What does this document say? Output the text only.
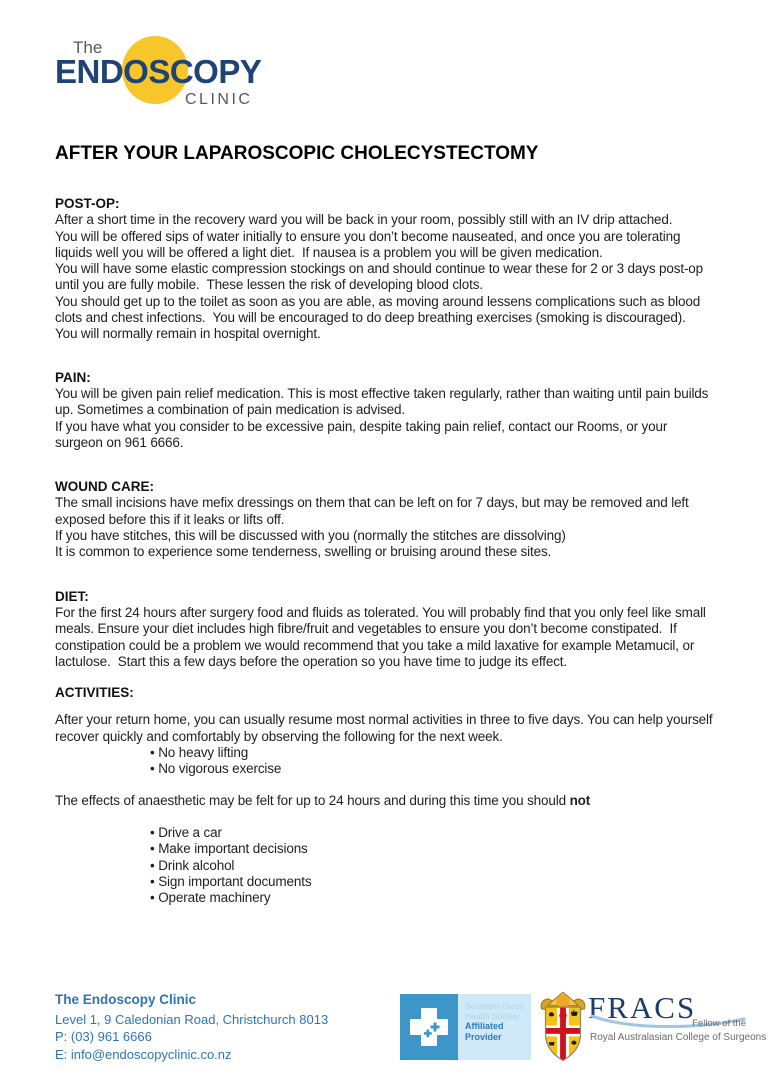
The
ENDOSCOPY
CLINIC
AFTER YOUR LAPAROSCOPIC CHOLECYSTECTOMY
POST-OP:

After a short time in the recovery ward you will be back in your room, possibly still with an IV drip attached.

You will be offered sips of water initially to ensure you don’t become nauseated, and once you are tolerating liquids well you will be offered a light diet.  If nausea is a problem you will be given medication.

You will have some elastic compression stockings on and should continue to wear these for 2 or 3 days post-op until you are fully mobile.  These lessen the risk of developing blood clots.

You should get up to the toilet as soon as you are able, as moving around lessens complications such as blood clots and chest infections.  You will be encouraged to do deep breathing exercises (smoking is discouraged).

You will normally remain in hospital overnight.

PAIN:

You will be given pain relief medication. This is most effective taken regularly, rather than waiting until pain builds up. Sometimes a combination of pain medication is advised.

If you have what you consider to be excessive pain, despite taking pain relief, contact our Rooms, or your surgeon on 961 6666.

WOUND CARE:

The small incisions have mefix dressings on them that can be left on for 7 days, but may be removed and left exposed before this if it leaks or lifts off.

If you have stitches, this will be discussed with you (normally the stitches are dissolving)

It is common to experience some tenderness, swelling or bruising around these sites.

DIET:

For the first 24 hours after surgery food and fluids as tolerated. You will probably find that you only feel like small meals. Ensure your diet includes high fibre/fruit and vegetables to ensure you don’t become constipated.  If constipation could be a problem we would recommend that you take a mild laxative for example Metamucil, or lactulose.  Start this a few days before the operation so you have time to judge its effect.

ACTIVITIES:

After your return home, you can usually resume most normal activities in three to five days. You can help yourself recover quickly and comfortably by observing the following for the next week.

• No heavy lifting
• No vigorous exercise

The effects of anaesthetic may be felt for up to 24 hours and during this time you should not

• Drive a car
• Make important decisions
• Drink alcohol
• Sign important documents
• Operate machinery
The Endoscopy Clinic
Level 1, 9 Caledonian Road, Christchurch 8013
P: (03) 961 6666
E: info@endoscopyclinic.co.nz
Southern Cross
Health Society
Affiliated
Provider
FRACS
Fellow of the
Royal Australasian College of Surgeons
